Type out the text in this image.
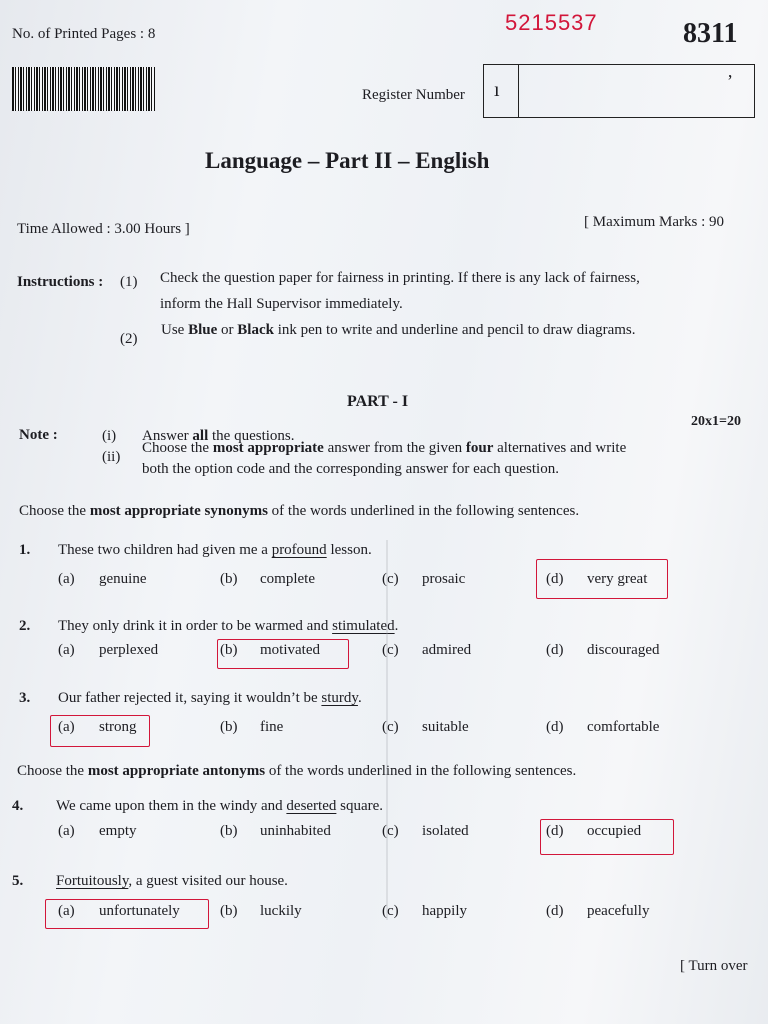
No. of Printed Pages : 8	5215537	8311
Register Number ı	ʼ
Language – Part II – English
Time Allowed : 3.00 Hours ]	[ Maximum Marks : 90
Instructions : (1) Check the question paper for fairness in printing. If there is any lack of fairness,
inform the Hall Supervisor immediately.
(2)
Use Blue or Black ink pen to write and underline and pencil to draw diagrams.
PART - I
20x1=20
Note :	(i) Answer all the questions.
(ii)
Choose the most appropriate answer from the given four alternatives and write
both the option code and the corresponding answer for each question.
Choose the most appropriate synonyms of the words underlined in the following sentences.
1. These two children had given me a profound lesson.
(a) genuine	(b) complete	(c) prosaic	(d) very great
2. They only drink it in order to be warmed and stimulated.
(a) perplexed	(b) motivated	(c) admired	(d) discouraged
3. Our father rejected it, saying it wouldn’t be sturdy.
(a) strong	(b) fine	(c) suitable	(d) comfortable
4. We came upon them in the windy and deserted square.
(a) empty	(b) uninhabited	(c) isolated	(d) occupied
5. Fortuitously, a guest visited our house.
(a) unfortunately	(b) luckily	(c) happily	(d) peacefully
Choose the most appropriate antonyms of the words underlined in the following sentences.
[ Turn over
